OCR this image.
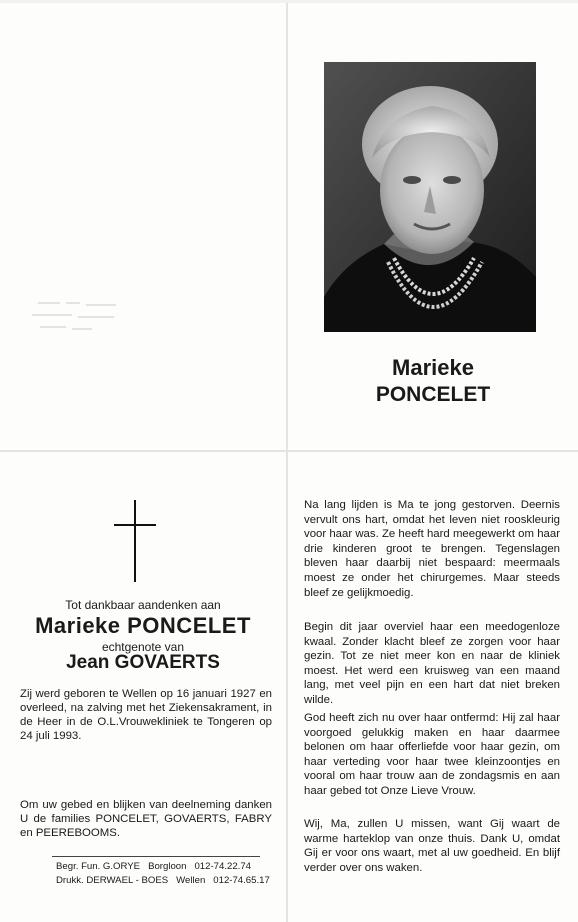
Marieke
PONCELET
Tot dankbaar aandenken aan
Marieke PONCELET
echtgenote van
Jean GOVAERTS

Zij werd geboren te Wellen op 16 januari 1927 en overleed, na zalving met het Ziekensakrament, in de Heer in de O.L.Vrouwekliniek te Tongeren op 24 juli 1993.

Om uw gebed en blijken van deelneming danken U de families PONCELET, GOVAERTS, FABRY en PEEREBOOMS.

Begr. Fun. G.ORYE   Borgloon   012-74.22.74
Drukk. DERWAEL - BOES   Wellen   012-74.65.17

Na lang lijden is Ma te jong gestorven. Deernis vervult ons hart, omdat het leven niet rooskleurig voor haar was. Ze heeft hard meegewerkt om haar drie kinderen groot te brengen. Tegenslagen bleven haar daarbij niet bespaard: meermaals moest ze onder het chirurgemes. Maar steeds bleef ze gelijkmoedig.

Begin dit jaar overviel haar een meedogenloze kwaal. Zonder klacht bleef ze zorgen voor haar gezin. Tot ze niet meer kon en naar de kliniek moest. Het werd een kruisweg van een maand lang, met veel pijn en een hart dat niet breken wilde.

God heeft zich nu over haar ontfermd: Hij zal haar voorgoed gelukkig maken en haar daarmee belonen om haar offerliefde voor haar gezin, om haar verteding voor haar twee kleinzoontjes en vooral om haar trouw aan de zondagsmis en aan haar gebed tot Onze Lieve Vrouw.

Wij, Ma, zullen U missen, want Gij waart de warme harteklop van onze thuis. Dank U, omdat Gij er voor ons waart, met al uw goedheid. En blijf verder over ons waken.
